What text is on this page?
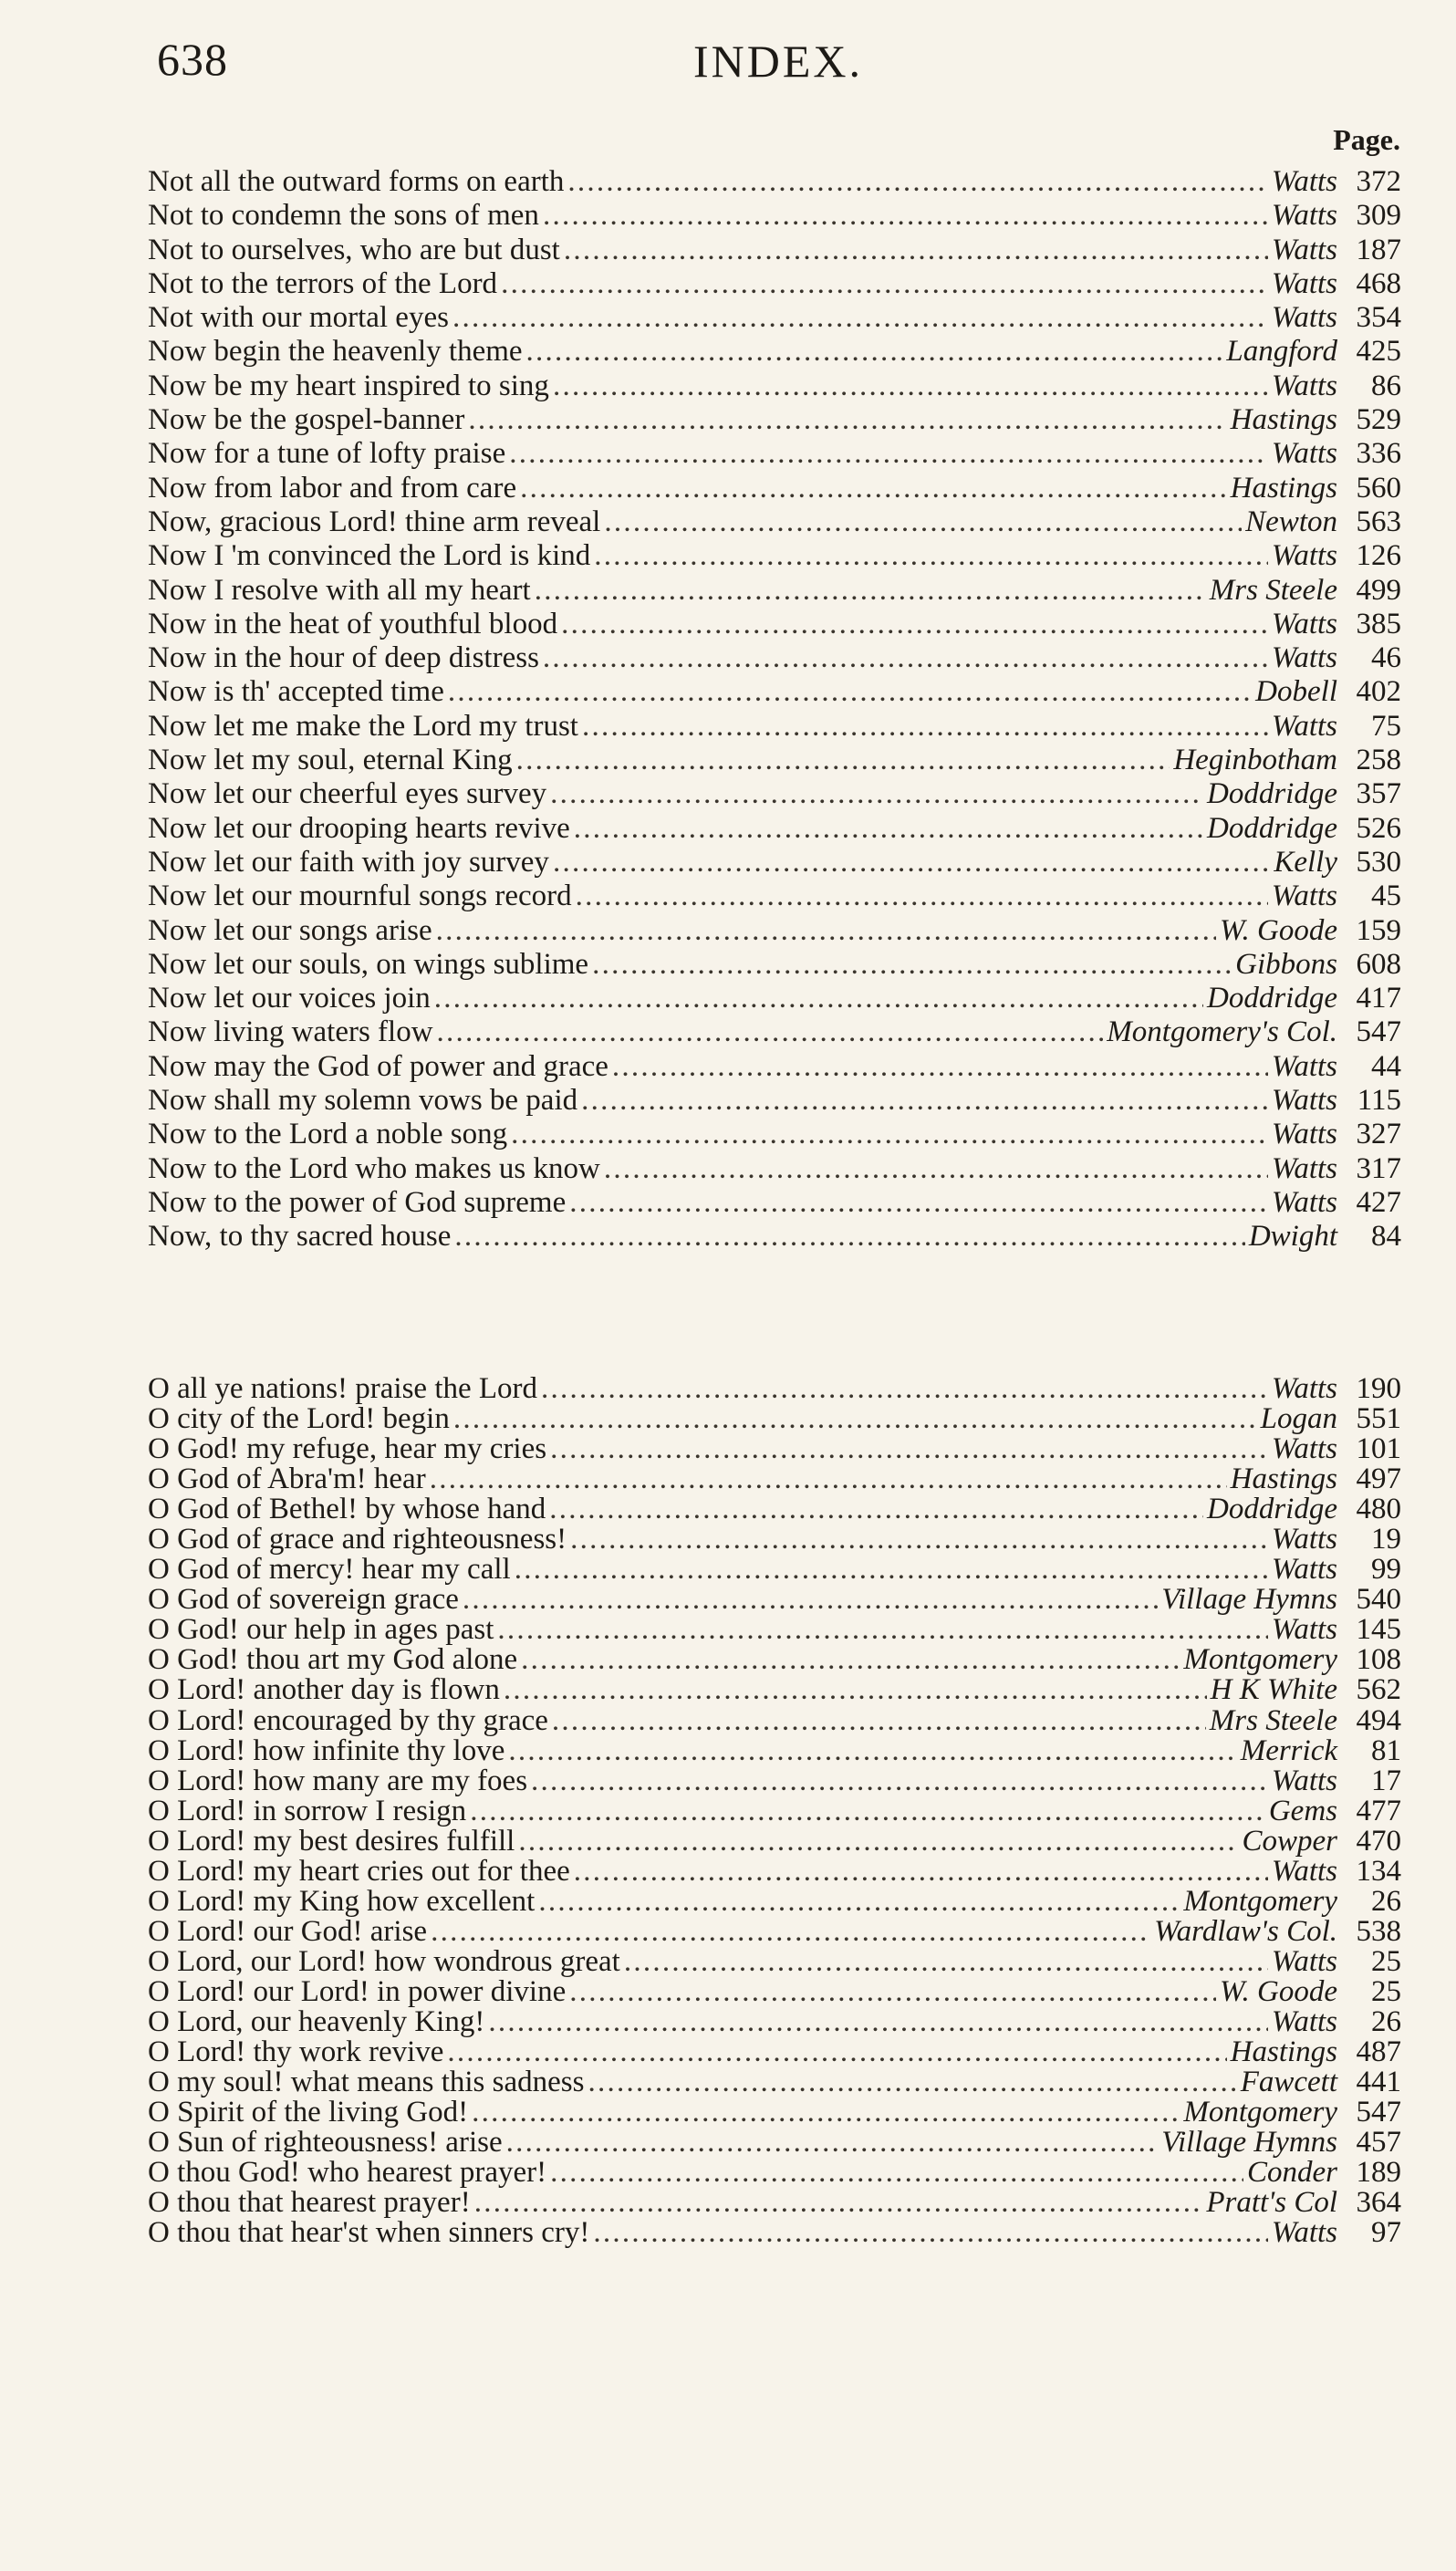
638	INDEX.
Page.
Not all the outward forms on earth . . .	Watts 372
Not to condemn the sons of men . . .	Watts 309
Not to ourselves, who are but dust . . .	Watts 187
Not to the terrors of the Lord . . .	Watts 468
Not with our mortal eyes . . .	Watts 354
Now begin the heavenly theme . . .	Langford 425
Now be my heart inspired to sing . . .	Watts	86
Now be the gospel-banner . . .	Hastings 529
Now for a tune of lofty praise . . .	Watts 336
Now from labor and from care . . .	Hastings 560
Now, gracious Lord! thine arm reveal . . .	Newton 563
Now I 'm convinced the Lord is kind . . .	Watts 126
Now I resolve with all my heart . . .	Mrs Steele 499
Now in the heat of youthful blood . . .	Watts 385
Now in the hour of deep distress . . .	Watts	46
Now is th' accepted time . . .	Dobell 402
Now let me make the Lord my trust . . .	Watts	75
Now let my soul, eternal King . . .	Heginbotham 258
Now let our cheerful eyes survey . . .	Doddridge 357
Now let our drooping hearts revive . . .	Doddridge 526
Now let our faith with joy survey . . .	Kelly 530
Now let our mournful songs record . . .	Watts	45
Now let our songs arise . . .	W. Goode 159
Now let our souls, on wings sublime . . .	Gibbons 608
Now let our voices join . . .	Doddridge 417
Now living waters flow . . .	Montgomery's Col. 547
Now may the God of power and grace . . .	Watts	44
Now shall my solemn vows be paid . . .	Watts 115
Now to the Lord a noble song . . .	Watts 327
Now to the Lord who makes us know . . .	Watts 317
Now to the power of God supreme . . .	Watts 427
Now, to thy sacred house . . .	Dwight	84
O all ye nations! praise the Lord . . .	Watts 190
O city of the Lord! begin . . .	Logan 551
O God! my refuge, hear my cries . . .	Watts 101
O God of Abra'm! hear . . .	Hastings 497
O God of Bethel! by whose hand . . .	Doddridge 480
O God of grace and righteousness! . . .	Watts	19
O God of mercy! hear my call . . .	Watts	99
O God of sovereign grace . . .	Village Hymns 540
O God! our help in ages past . . .	Watts 145
O God! thou art my God alone . . .	Montgomery 108
O Lord! another day is flown . . .	H K White 562
O Lord! encouraged by thy grace . . .	Mrs Steele 494
O Lord! how infinite thy love . . .	Merrick	81
O Lord! how many are my foes . . .	Watts	17
O Lord! in sorrow I resign . . .	Gems 477
O Lord! my best desires fulfill . . .	Cowper 470
O Lord! my heart cries out for thee . . .	Watts 134
O Lord! my King how excellent . . .	Montgomery	26
O Lord! our God! arise . . .	Wardlaw's Col. 538
O Lord, our Lord! how wondrous great . . .	Watts	25
O Lord! our Lord! in power divine . . .	W. Goode	25
O Lord, our heavenly King! . . .	Watts	26
O Lord! thy work revive . . .	Hastings 487
O my soul! what means this sadness . . .	Fawcett 441
O Spirit of the living God! . . .	Montgomery 547
O Sun of righteousness! arise . . .	Village Hymns 457
O thou God! who hearest prayer! . . .	Conder 189
O thou that hearest prayer! . . .	Pratt's Col 364
O thou that hear'st when sinners cry! . . .	Watts	97
